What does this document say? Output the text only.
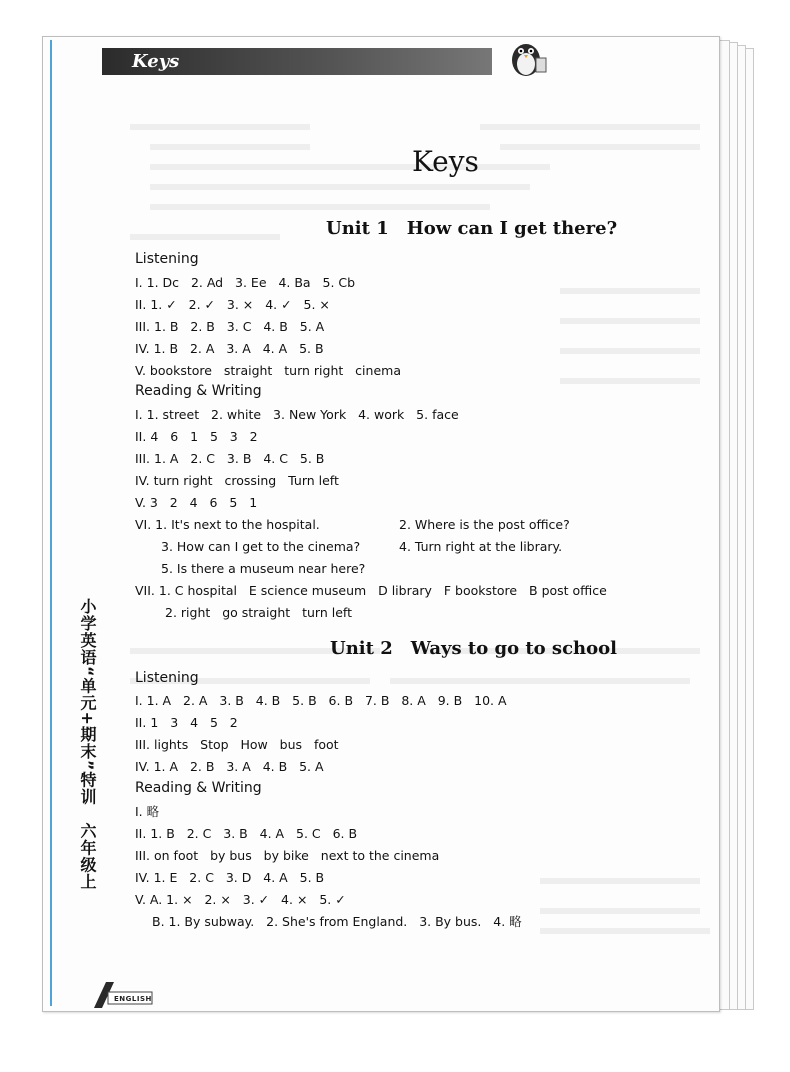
Keys
小学英语“单元+期末”特训　六年级上
ENGLISH
Keys
Unit 1　How can I get there?
Listening
I. 1. Dc   2. Ad   3. Ee   4. Ba   5. Cb
II. 1. ✓   2. ✓   3. ×   4. ✓   5. ×
III. 1. B   2. B   3. C   4. B   5. A
IV. 1. B   2. A   3. A   4. A   5. B
V. bookstore   straight   turn right   cinema
Reading & Writing
I. 1. street   2. white   3. New York   4. work   5. face
II. 4   6   1   5   3   2
III. 1. A   2. C   3. B   4. C   5. B
IV. turn right   crossing   Turn left
V. 3   2   4   6   5   1
VI. 1. It's next to the hospital.	2. Where is the post office?
3. How can I get to the cinema?	4. Turn right at the library.
5. Is there a museum near here?
VII. 1. C hospital   E science museum   D library   F bookstore   B post office
2. right   go straight   turn left
Unit 2　Ways to go to school
Listening
I. 1. A   2. A   3. B   4. B   5. B   6. B   7. B   8. A   9. B   10. A
II. 1   3   4   5   2
III. lights   Stop   How   bus   foot
IV. 1. A   2. B   3. A   4. B   5. A
Reading & Writing
I. 略
II. 1. B   2. C   3. B   4. A   5. C   6. B
III. on foot   by bus   by bike   next to the cinema
IV. 1. E   2. C   3. D   4. A   5. B
V. A. 1. ×   2. ×   3. ✓   4. ×   5. ✓
B. 1. By subway.   2. She's from England.   3. By bus.   4. 略
